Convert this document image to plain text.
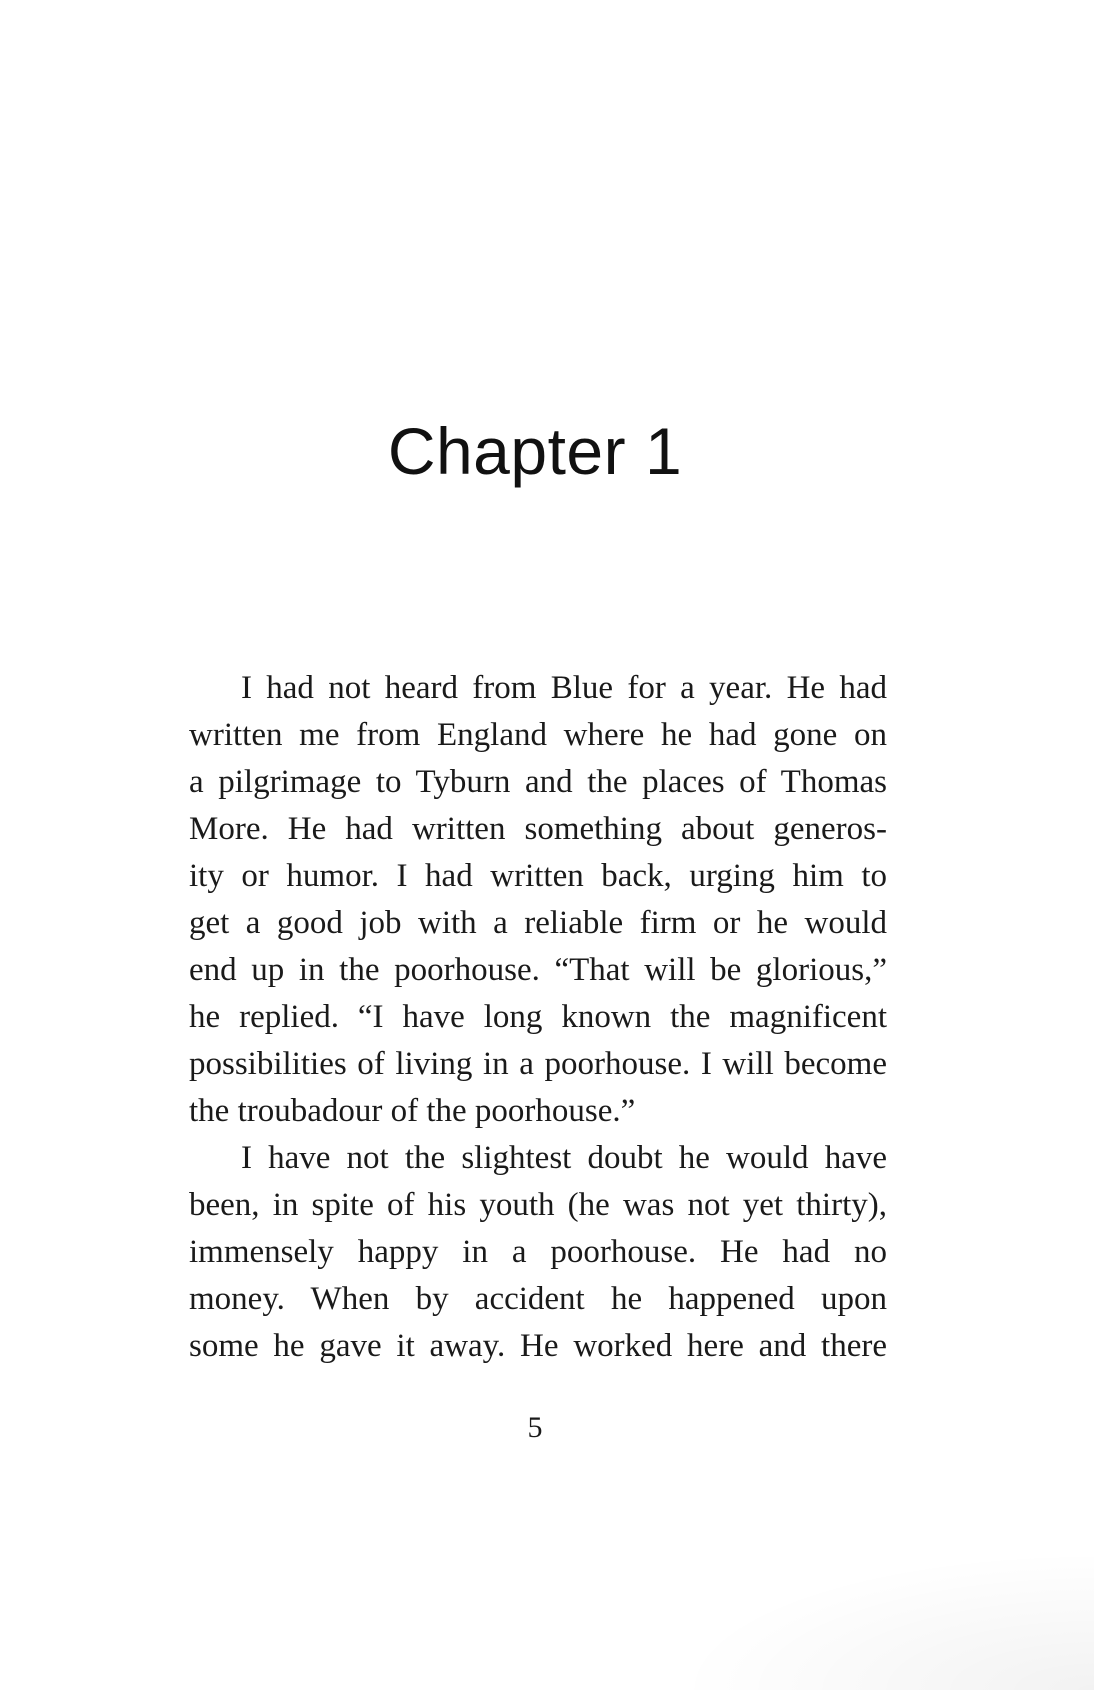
Chapter 1
I had not heard from Blue for a year. He had
written me from England where he had gone on
a pilgrimage to Tyburn and the places of Thomas
More. He had written something about generos-
ity or humor. I had written back, urging him to
get a good job with a reliable firm or he would
end up in the poorhouse. “That will be glorious,”
he replied. “I have long known the magnificent
possibilities of living in a poorhouse. I will become
the troubadour of the poorhouse.”
I have not the slightest doubt he would have
been, in spite of his youth (he was not yet thirty),
immensely happy in a poorhouse. He had no
money. When by accident he happened upon
some he gave it away. He worked here and there
5
